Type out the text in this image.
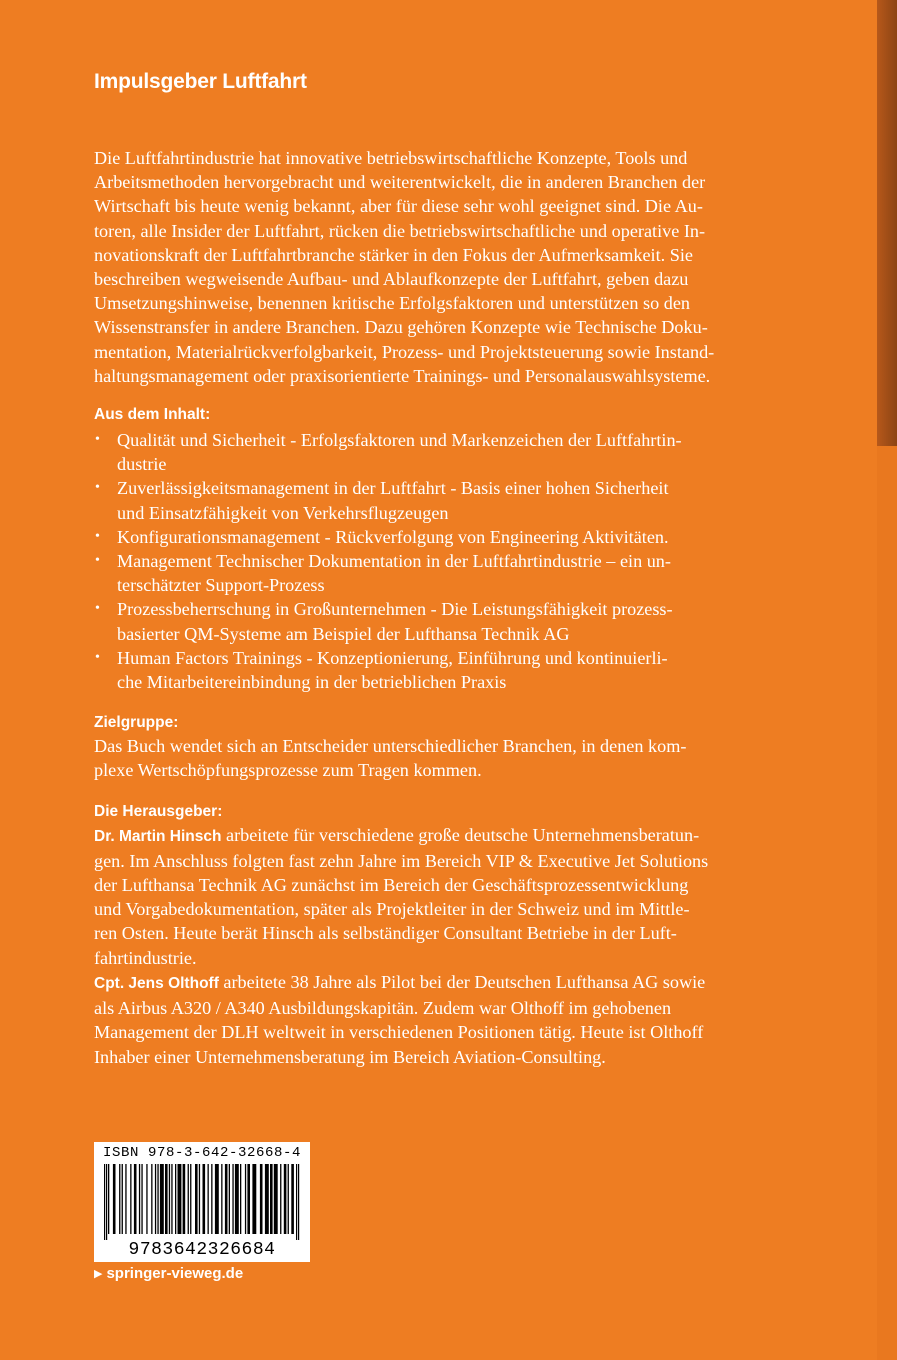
Impulsgeber Luftfahrt
Die Luftfahrtindustrie hat innovative betriebswirtschaftliche Konzepte, Tools und
Arbeitsmethoden hervorgebracht und weiterentwickelt, die in anderen Branchen der
Wirtschaft bis heute wenig bekannt, aber für diese sehr wohl geeignet sind. Die Au-
toren, alle Insider der Luftfahrt, rücken die betriebswirtschaftliche und operative In-
novationskraft der Luftfahrtbranche stärker in den Fokus der Aufmerksamkeit. Sie
beschreiben wegweisende Aufbau- und Ablaufkonzepte der Luftfahrt, geben dazu
Umsetzungshinweise, benennen kritische Erfolgsfaktoren und unterstützen so den
Wissenstransfer in andere Branchen. Dazu gehören Konzepte wie Technische Doku-
mentation, Materialrückverfolgbarkeit, Prozess- und Projektsteuerung sowie Instand-
haltungsmanagement oder praxisorientierte Trainings- und Personalauswahlsysteme.
Aus dem Inhalt:
• Qualität und Sicherheit - Erfolgsfaktoren und Markenzeichen der Luftfahrtin-
dustrie
• Zuverlässigkeitsmanagement in der Luftfahrt - Basis einer hohen Sicherheit
und Einsatzfähigkeit von Verkehrsflugzeugen
• Konfigurationsmanagement - Rückverfolgung von Engineering Aktivitäten.
• Management Technischer Dokumentation in der Luftfahrtindustrie – ein un-
terschätzter Support-Prozess
• Prozessbeherrschung in Großunternehmen - Die Leistungsfähigkeit prozess-
basierter QM-Systeme am Beispiel der Lufthansa Technik AG
• Human Factors Trainings - Konzeptionierung, Einführung und kontinuierli-
che Mitarbeitereinbindung in der betrieblichen Praxis
Zielgruppe:
Das Buch wendet sich an Entscheider unterschiedlicher Branchen, in denen kom-
plexe Wertschöpfungsprozesse zum Tragen kommen.
Die Herausgeber:
Dr. Martin Hinsch arbeitete für verschiedene große deutsche Unternehmensberatun-
gen. Im Anschluss folgten fast zehn Jahre im Bereich VIP & Executive Jet Solutions
der Lufthansa Technik AG zunächst im Bereich der Geschäftsprozessentwicklung
und Vorgabedokumentation, später als Projektleiter in der Schweiz und im Mittle-
ren Osten. Heute berät Hinsch als selbständiger Consultant Betriebe in der Luft-
fahrtindustrie.
Cpt. Jens Olthoff arbeitete 38 Jahre als Pilot bei der Deutschen Lufthansa AG sowie
als Airbus A320 / A340 Ausbildungskapitän. Zudem war Olthoff im gehobenen
Management der DLH weltweit in verschiedenen Positionen tätig. Heute ist Olthoff
Inhaber einer Unternehmensberatung im Bereich Aviation-Consulting.
ISBN 978-3-642-32668-4
9783642326684
▶ springer-vieweg.de
